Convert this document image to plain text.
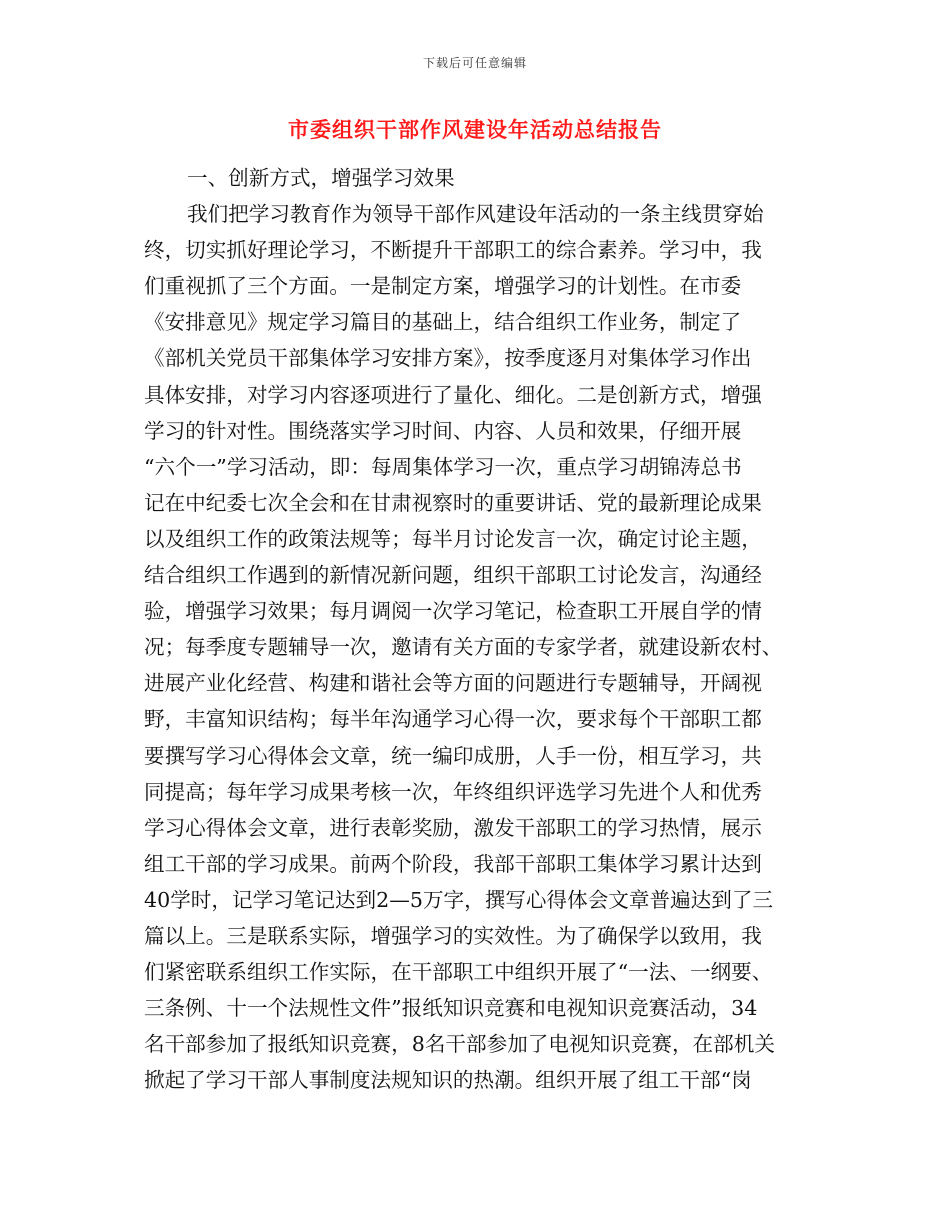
下载后可任意编辑
市委组织干部作风建设年活动总结报告
一、创新方式，增强学习效果
我们把学习教育作为领导干部作风建设年活动的一条主线贯穿始
终，切实抓好理论学习，不断提升干部职工的综合素养。学习中，我
们重视抓了三个方面。一是制定方案，增强学习的计划性。在市委
《安排意见》规定学习篇目的基础上，结合组织工作业务，制定了
《部机关党员干部集体学习安排方案》，按季度逐月对集体学习作出
具体安排，对学习内容逐项进行了量化、细化。二是创新方式，增强
学习的针对性。围绕落实学习时间、内容、人员和效果，仔细开展
“六个一”学习活动，即：每周集体学习一次，重点学习胡锦涛总书
记在中纪委七次全会和在甘肃视察时的重要讲话、党的最新理论成果
以及组织工作的政策法规等；每半月讨论发言一次，确定讨论主题，
结合组织工作遇到的新情况新问题，组织干部职工讨论发言，沟通经
验，增强学习效果；每月调阅一次学习笔记，检查职工开展自学的情
况；每季度专题辅导一次，邀请有关方面的专家学者，就建设新农村、
进展产业化经营、构建和谐社会等方面的问题进行专题辅导，开阔视
野，丰富知识结构；每半年沟通学习心得一次，要求每个干部职工都
要撰写学习心得体会文章，统一编印成册，人手一份，相互学习，共
同提高；每年学习成果考核一次，年终组织评选学习先进个人和优秀
学习心得体会文章，进行表彰奖励，激发干部职工的学习热情，展示
组工干部的学习成果。前两个阶段，我部干部职工集体学习累计达到
40学时，记学习笔记达到2—5万字，撰写心得体会文章普遍达到了三
篇以上。三是联系实际，增强学习的实效性。为了确保学以致用，我
们紧密联系组织工作实际，在干部职工中组织开展了“一法、一纲要、
三条例、十一个法规性文件”报纸知识竞赛和电视知识竞赛活动，34
名干部参加了报纸知识竞赛，8名干部参加了电视知识竞赛，在部机关
掀起了学习干部人事制度法规知识的热潮。组织开展了组工干部“岗
